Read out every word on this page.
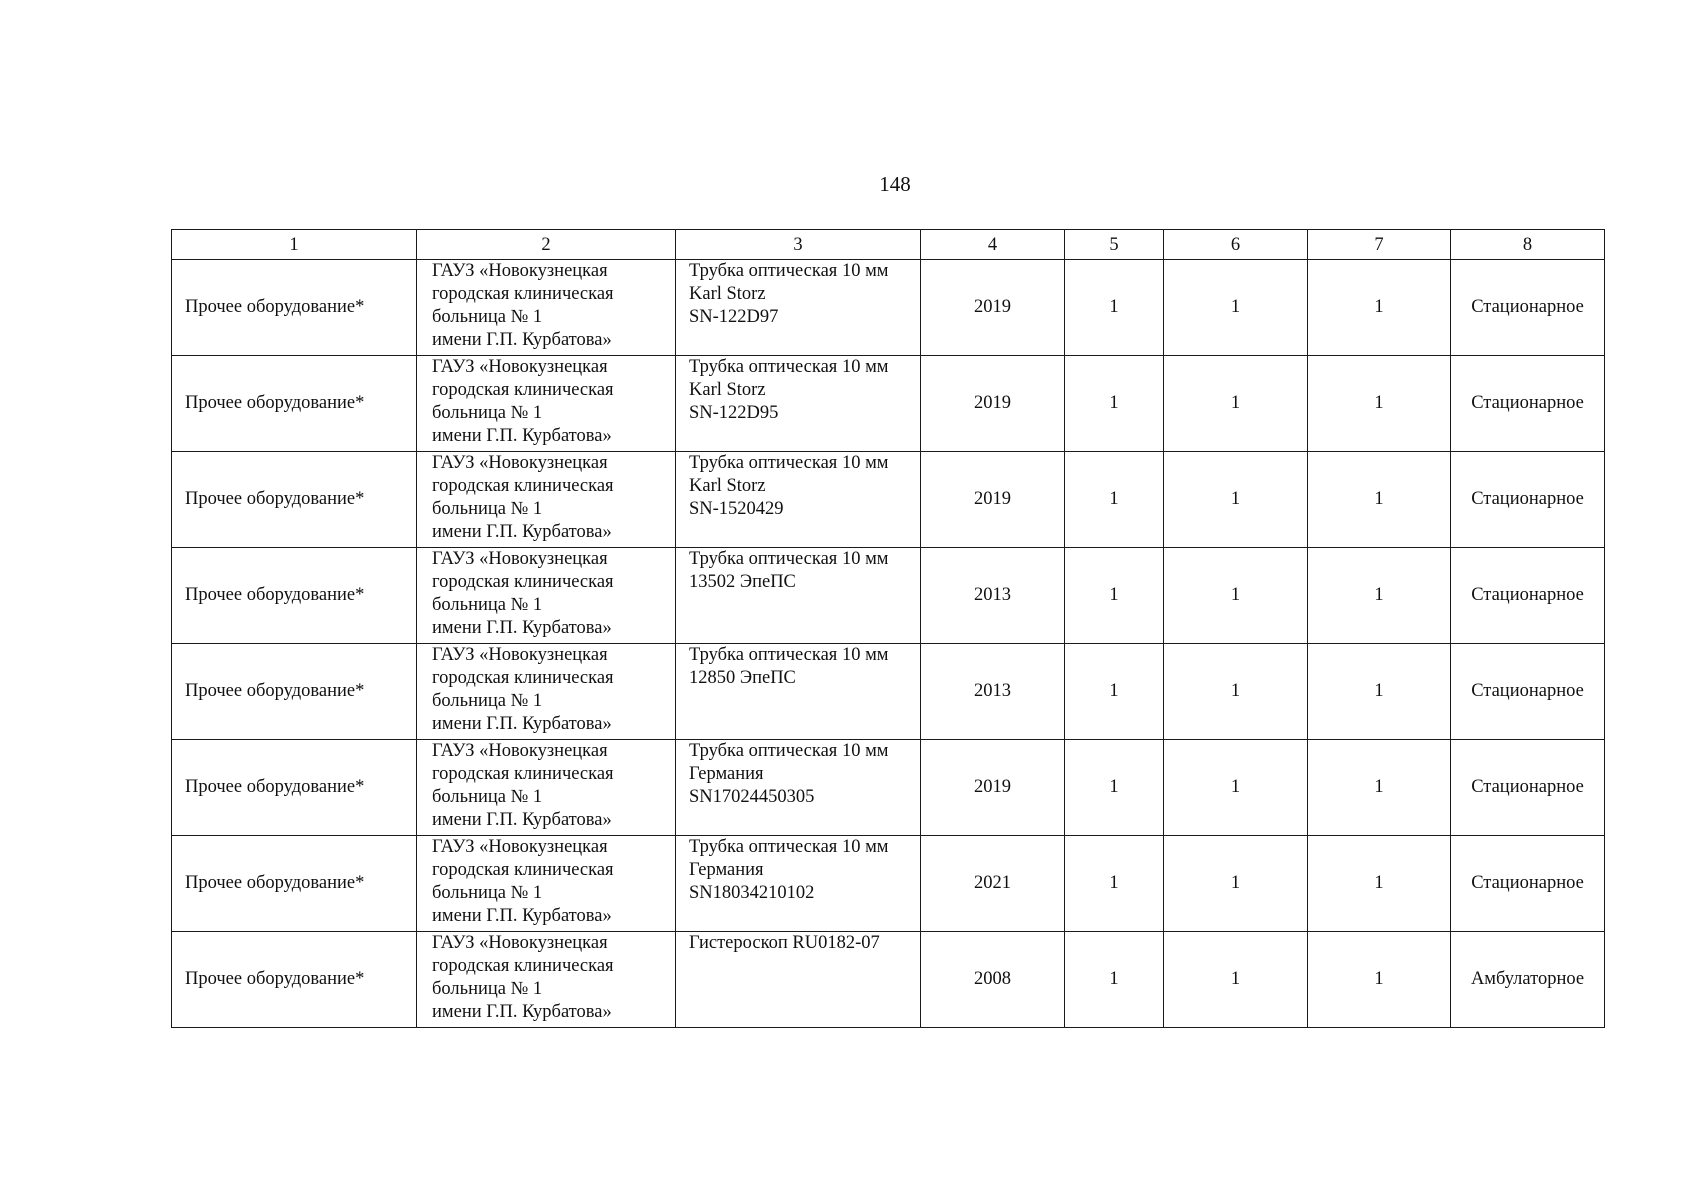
148
1	2	3	4	5	6	7	8
Прочее оборудование*	ГАУЗ «Новокузнецкая
городская клиническая
больница № 1
имени Г.П. Курбатова»	Трубка оптическая 10 мм
Karl Storz
SN-122D97	2019	1	1	1	Стационарное
Прочее оборудование*	ГАУЗ «Новокузнецкая
городская клиническая
больница № 1
имени Г.П. Курбатова»	Трубка оптическая 10 мм
Karl Storz
SN-122D95	2019	1	1	1	Стационарное
Прочее оборудование*	ГАУЗ «Новокузнецкая
городская клиническая
больница № 1
имени Г.П. Курбатова»	Трубка оптическая 10 мм
Karl Storz
SN-1520429	2019	1	1	1	Стационарное
Прочее оборудование*	ГАУЗ «Новокузнецкая
городская клиническая
больница № 1
имени Г.П. Курбатова»	Трубка оптическая 10 мм
13502 ЭпеПС	2013	1	1	1	Стационарное
Прочее оборудование*	ГАУЗ «Новокузнецкая
городская клиническая
больница № 1
имени Г.П. Курбатова»	Трубка оптическая 10 мм
12850 ЭпеПС	2013	1	1	1	Стационарное
Прочее оборудование*	ГАУЗ «Новокузнецкая
городская клиническая
больница № 1
имени Г.П. Курбатова»	Трубка оптическая 10 мм
Германия
SN17024450305	2019	1	1	1	Стационарное
Прочее оборудование*	ГАУЗ «Новокузнецкая
городская клиническая
больница № 1
имени Г.П. Курбатова»	Трубка оптическая 10 мм
Германия
SN18034210102	2021	1	1	1	Стационарное
Прочее оборудование*	ГАУЗ «Новокузнецкая
городская клиническая
больница № 1
имени Г.П. Курбатова»	Гистероскоп RU0182-07	2008	1	1	1	Амбулаторное
